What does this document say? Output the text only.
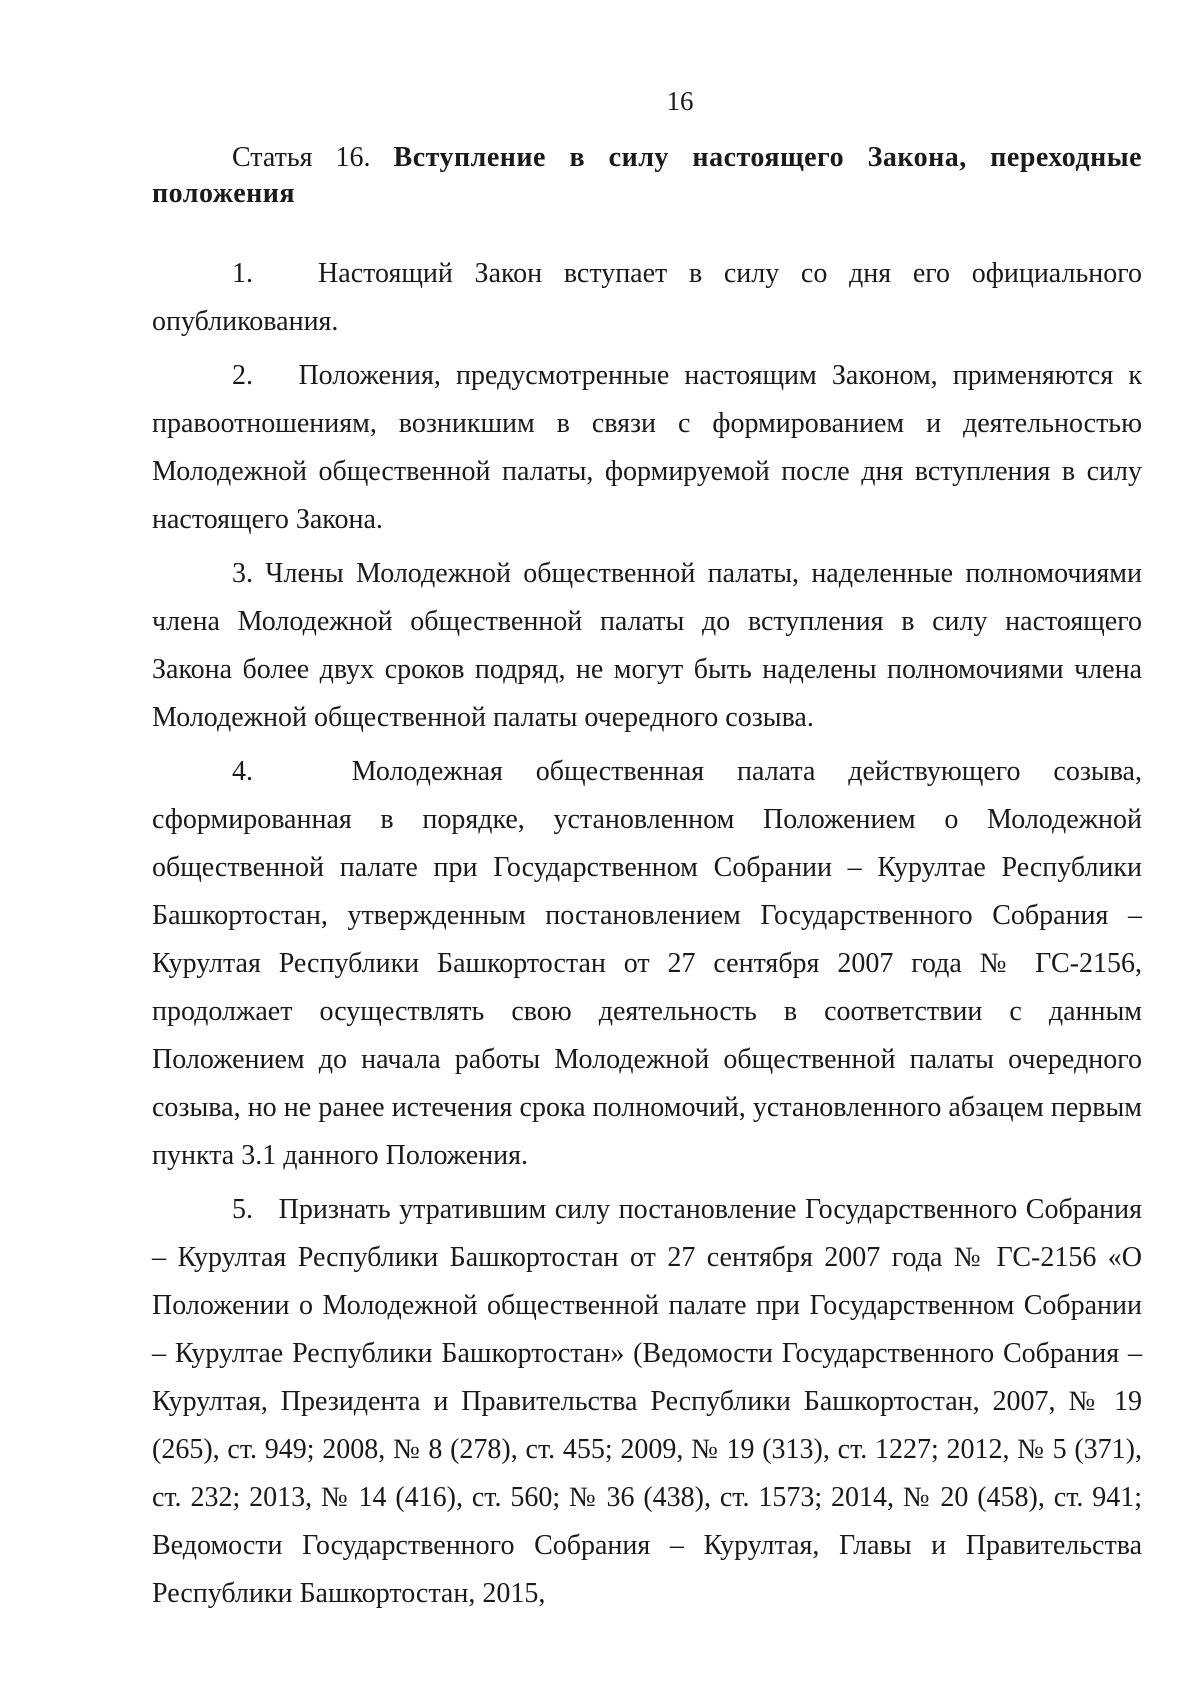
16
Статья 16. Вступление в силу настоящего Закона, переходные положения

1.   Настоящий Закон вступает в силу со дня его официального опубликования.

2.   Положения, предусмотренные настоящим Законом, применяются к правоотношениям, возникшим в связи с формированием и деятельностью Молодежной общественной палаты, формируемой после дня вступления в силу настоящего Закона.

3. Члены Молодежной общественной палаты, наделенные полномочиями члена Молодежной общественной палаты до вступления в силу настоящего Закона более двух сроков подряд, не могут быть наделены полномочиями члена Молодежной общественной палаты очередного созыва.

4.   Молодежная общественная палата действующего созыва, сформированная в порядке, установленном Положением о Молодежной общественной палате при Государственном Собрании – Курултае Республики Башкортостан, утвержденным постановлением Государственного Собрания – Курултая Республики Башкортостан от 27 сентября 2007 года № ГС-2156, продолжает осуществлять свою деятельность в соответствии с данным Положением до начала работы Молодежной общественной палаты очередного созыва, но не ранее истечения срока полномочий, установленного абзацем первым пункта 3.1 данного Положения.

5.   Признать утратившим силу постановление Государственного Собрания – Курултая Республики Башкортостан от 27 сентября 2007 года № ГС-2156 «О Положении о Молодежной общественной палате при Государственном Собрании – Курултае Республики Башкортостан» (Ведомости Государственного Собрания – Курултая, Президента и Правительства Республики Башкортостан, 2007, № 19 (265), ст. 949; 2008, № 8 (278), ст. 455; 2009, № 19 (313), ст. 1227; 2012, № 5 (371), ст. 232; 2013, № 14 (416), ст. 560; № 36 (438), ст. 1573; 2014, № 20 (458), ст. 941; Ведомости Государственного Собрания – Курултая, Главы и Правительства Республики Башкортостан, 2015,
